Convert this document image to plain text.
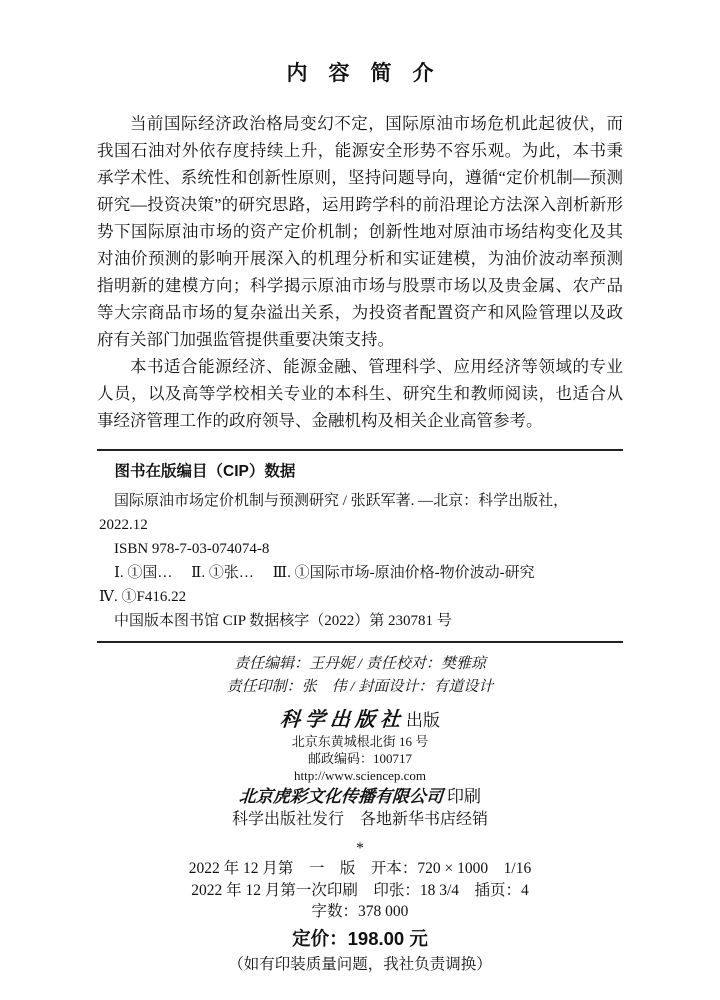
内　容　简　介

当前国际经济政治格局变幻不定，国际原油市场危机此起彼伏，而我国石油对外依存度持续上升，能源安全形势不容乐观。为此，本书秉承学术性、系统性和创新性原则，坚持问题导向，遵循“定价机制—预测研究—投资决策”的研究思路，运用跨学科的前沿理论方法深入剖析新形势下国际原油市场的资产定价机制；创新性地对原油市场结构变化及其对油价预测的影响开展深入的机理分析和实证建模，为油价波动率预测指明新的建模方向；科学揭示原油市场与股票市场以及贵金属、农产品等大宗商品市场的复杂溢出关系，为投资者配置资产和风险管理以及政府有关部门加强监管提供重要决策支持。

本书适合能源经济、能源金融、管理科学、应用经济等领域的专业人员，以及高等学校相关专业的本科生、研究生和教师阅读，也适合从事经济管理工作的政府领导、金融机构及相关企业高管参考。

图书在版编目（CIP）数据
国际原油市场定价机制与预测研究 / 张跃军著. —北京：科学出版社，
2022.12
ISBN 978-7-03-074074-8
Ⅰ. ①国…　 Ⅱ. ①张…　 Ⅲ. ①国际市场-原油价格-物价波动-研究
Ⅳ. ①F416.22
中国版本图书馆 CIP 数据核字（2022）第 230781 号
责任编辑：王丹妮 / 责任校对：樊雅琼
责任印制：张　伟 / 封面设计：有道设计
科 学 出 版 社 出版
北京东黄城根北街 16 号
邮政编码：100717
http://www.sciencep.com
北京虎彩文化传播有限公司 印刷
科学出版社发行　各地新华书店经销
*
2022 年 12 月第　一　版　开本：720 × 1000　1/16
2022 年 12 月第一次印刷　印张：18 3/4　插页：4
字数：378 000
定价：198.00 元
（如有印装质量问题，我社负责调换）
